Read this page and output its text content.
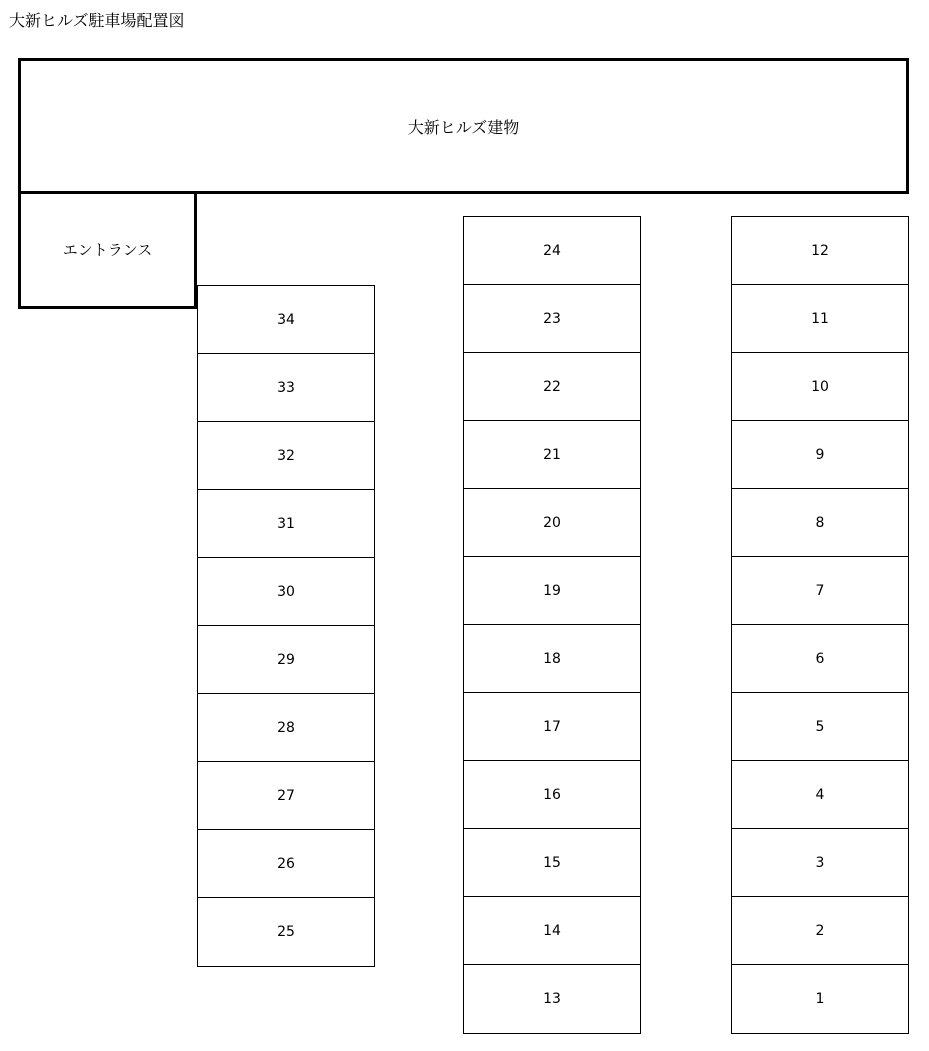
大新ヒルズ駐車場配置図
大新ヒルズ建物
エントランス
34
33
32
31
30
29
28
27
26
25
24
23
22
21
20
19
18
17
16
15
14
13
12
11
10
9
8
7
6
5
4
3
2
1
